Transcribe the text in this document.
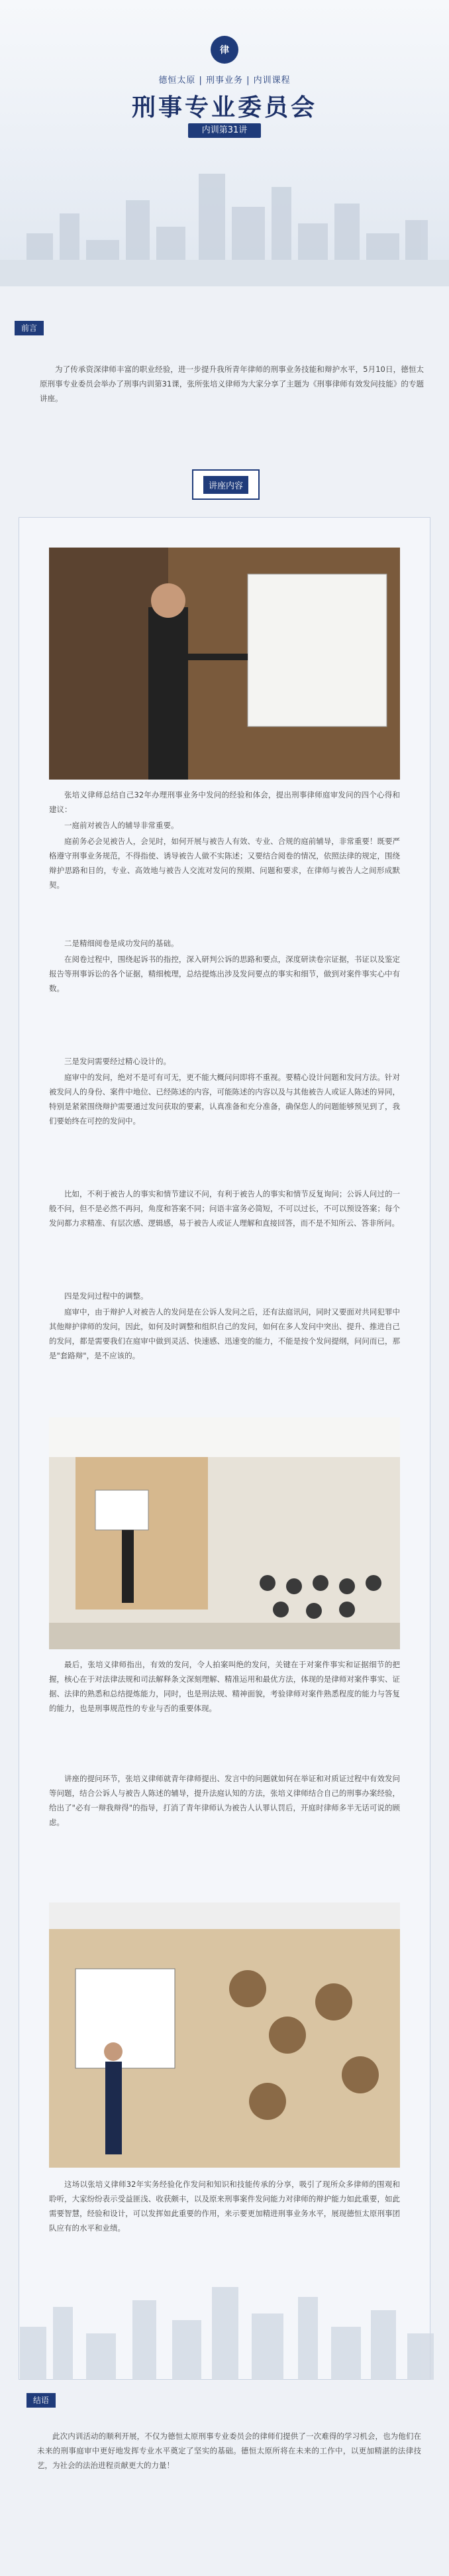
律
德恒太原 | 刑事业务 | 内训课程
刑事专业委员会
内训第31讲
前言
为了传承资深律师丰富的职业经验，进一步提升我所青年律师的刑事业务技能和辩护水平，5月10日，德恒太原刑事专业委员会举办了刑事内训第31课，张所张培义律师为大家分享了主题为《刑事律师有效发问技能》的专题讲座。
讲座内容
张培义律师总结自己32年办理刑事业务中发问的经验和体会，提出刑事律师庭审发问的四个心得和建议：
一庭前对被告人的辅导非常重要。
庭前务必会见被告人，会见时，如何开展与被告人有效、专业、合规的庭前辅导，非常重要！既要严格遵守刑事业务规范，不得指使、诱导被告人做不实陈述；又要结合阅卷的情况，依照法律的规定，围绕辩护思路和目的，专业、高效地与被告人交流对发问的预期、问题和要求，在律师与被告人之间形成默契。
二是精细阅卷是成功发问的基础。
在阅卷过程中，围绕起诉书的指控，深入研判公诉的思路和要点，深度研读卷宗证据，书证以及鉴定报告等刑事诉讼的各个证据，精细梳理，总结提炼出涉及发问要点的事实和细节，做到对案件事实心中有数。
三是发问需要经过精心设计的。
庭审中的发问，绝对不是可有可无，更不能大概问问即将不重视。要精心设计问题和发问方法。针对被发问人的身份、案件中地位、已经陈述的内容，可能陈述的内容以及与其他被告人或证人陈述的异同，特别是紧紧围绕辩护需要通过发问获取的要素，认真准备和充分准备，确保您人的问题能够预见到了，我们要始终在可控的发问中。
比如，不利于被告人的事实和情节建议不问，有利于被告人的事实和情节反复询问；公诉人问过的一般不问，但不是必然不再问，角度和答案不同；问语丰富务必简短，不可以过长，不可以预设答案；每个发问都力求精准、有层次感、逻辑感，易于被告人或证人理解和直接回答，而不是不知所云、答非所问。
四是发问过程中的调整。
庭审中，由于辩护人对被告人的发问是在公诉人发问之后，还有法庭讯问，同时又要面对共同犯罪中其他辩护律师的发问，因此，如何及时调整和组织自己的发问，如何在多人发问中突出、提升、推进自己的发问，都是需要我们在庭审中做到灵活、快速感、迅速变的能力，不能是按个发问提纲，问问而已，那是"套路辩"，是不应该的。
最后，张培义律师指出，有效的发问，令人拍案叫绝的发问，关键在于对案件事实和证据细节的把握，核心在于对法律法规和司法解释条文深刻理解、精准运用和最优方法，体现的是律师对案件事实、证据、法律的熟悉和总结提炼能力，同时，也是刑法规、精神面貌，考验律师对案件熟悉程度的能力与答复的能力，也是刑事规范性的专业与否的重要体现。
讲座的提问环节，张培义律师就青年律师提出、发言中的问题就如何在举证和对质证过程中有效发问等问题，结合公诉人与被告人陈述的辅导，提升法庭认知的方法，张培义律师结合自己的刑事办案经验，给出了"必有一辩我辩得"的指导，打消了青年律师认为被告人认罪认罚后，开庭时律师多半无话可说的顾虑。
这场以张培义律师32年实务经验化作发问和知识和技能传承的分享，吸引了现所众多律师的围观和聆听，大家纷纷表示受益匪浅、收获颇丰，以及原来刑事案件发问能力对律师的辩护能力如此重要，如此需要智慧，经验和设计，可以发挥如此重要的作用，来示要更加精进刑事业务水平，展现德恒太原刑事团队应有的水平和业绩。
结语
此次内训活动的顺利开展，不仅为德恒太原刑事专业委员会的律师们提供了一次难得的学习机会，也为他们在未来的刑事庭审中更好地发挥专业水平奠定了坚实的基础。德恒太原所将在未来的工作中，以更加精湛的法律技艺，为社会的法治进程贡献更大的力量！
